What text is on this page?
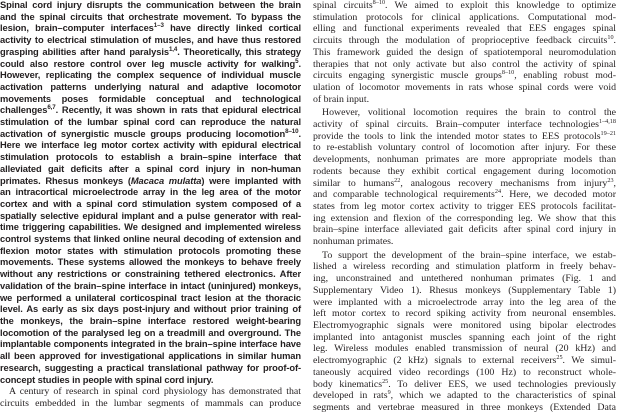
Spinal cord injury disrupts the communication between the brain
and the spinal circuits that orchestrate movement. To bypass the
lesion, brain–computer interfaces$^{1-3}$ have directly linked cortical
activity to electrical stimulation of muscles, and have thus restored
grasping abilities after hand paralysis$^{1,4}$. Theoretically, this strategy
could also restore control over leg muscle activity for walking$^5$.
However, replicating the complex sequence of individual muscle
activation patterns underlying natural and adaptive locomotor
movements poses formidable conceptual and technological
challenges$^{6,7}$. Recently, it was shown in rats that epidural electrical
stimulation of the lumbar spinal cord can reproduce the natural
activation of synergistic muscle groups producing locomotion$^{8-10}$.
Here we interface leg motor cortex activity with epidural electrical
stimulation protocols to establish a brain–spine interface that
alleviated gait deficits after a spinal cord injury in non-human
primates. Rhesus monkeys (Macaca mulatta) were implanted with
an intracortical microelectrode array in the leg area of the motor
cortex and with a spinal cord stimulation system composed of a
spatially selective epidural implant and a pulse generator with real-
time triggering capabilities. We designed and implemented wireless
control systems that linked online neural decoding of extension and
flexion motor states with stimulation protocols promoting these
movements. These systems allowed the monkeys to behave freely
without any restrictions or constraining tethered electronics. After
validation of the brain–spine interface in intact (uninjured) monkeys,
we performed a unilateral corticospinal tract lesion at the thoracic
level. As early as six days post-injury and without prior training of
the monkeys, the brain–spine interface restored weight-bearing
locomotion of the paralysed leg on a treadmill and overground. The
implantable components integrated in the brain–spine interface have
all been approved for investigational applications in similar human
research, suggesting a practical translational pathway for proof-of-
concept studies in people with spinal cord injury.

A century of research in spinal cord physiology has demonstrated that
circuits embedded in the lumbar segments of mammals can produce

spinal circuits$^{8-10}$. We aimed to exploit this knowledge to optimize
stimulation protocols for clinical applications. Computational mod-
elling and functional experiments revealed that EES engages spinal
circuits through the modulation of proprioceptive feedback circuits$^{10}$.
This framework guided the design of spatiotemporal neuromodulation
therapies that not only activate but also control the activity of spinal
circuits engaging synergistic muscle groups$^{8-10}$, enabling robust mod-
ulation of locomotor movements in rats whose spinal cords were void
of brain input.

However, volitional locomotion requires the brain to control the
activity of spinal circuits. Brain–computer interface technologies$^{1-4,18}$
provide the tools to link the intended motor states to EES protocols$^{19-21}$
to re-establish voluntary control of locomotion after injury. For these
developments, nonhuman primates are more appropriate models than
rodents because they exhibit cortical engagement during locomotion
similar to humans$^{22}$, analogous recovery mechanisms from injury$^{23}$,
and comparable technological requirements$^{24}$. Here, we decoded motor
states from leg motor cortex activity to trigger EES protocols facilitat-
ing extension and flexion of the corresponding leg. We show that this
brain–spine interface alleviated gait deficits after spinal cord injury in
nonhuman primates.

To support the development of the brain–spine interface, we estab-
lished a wireless recording and stimulation platform in freely behav-
ing, unconstrained and untethered nonhuman primates (Fig. 1 and
Supplementary Video 1). Rhesus monkeys (Supplementary Table 1)
were implanted with a microelectrode array into the leg area of the
left motor cortex to record spiking activity from neuronal ensembles.
Electromyographic signals were monitored using bipolar electrodes
implanted into antagonist muscles spanning each joint of the right
leg. Wireless modules enabled transmission of neural (20 kHz) and
electromyographic (2 kHz) signals to external receivers$^{25}$. We simul-
taneously acquired video recordings (100 Hz) to reconstruct whole-
body kinematics$^{25}$. To deliver EES, we used technologies previously
developed in rats$^9$, which we adapted to the characteristics of spinal
segments and vertebrae measured in three monkeys (Extended Data
